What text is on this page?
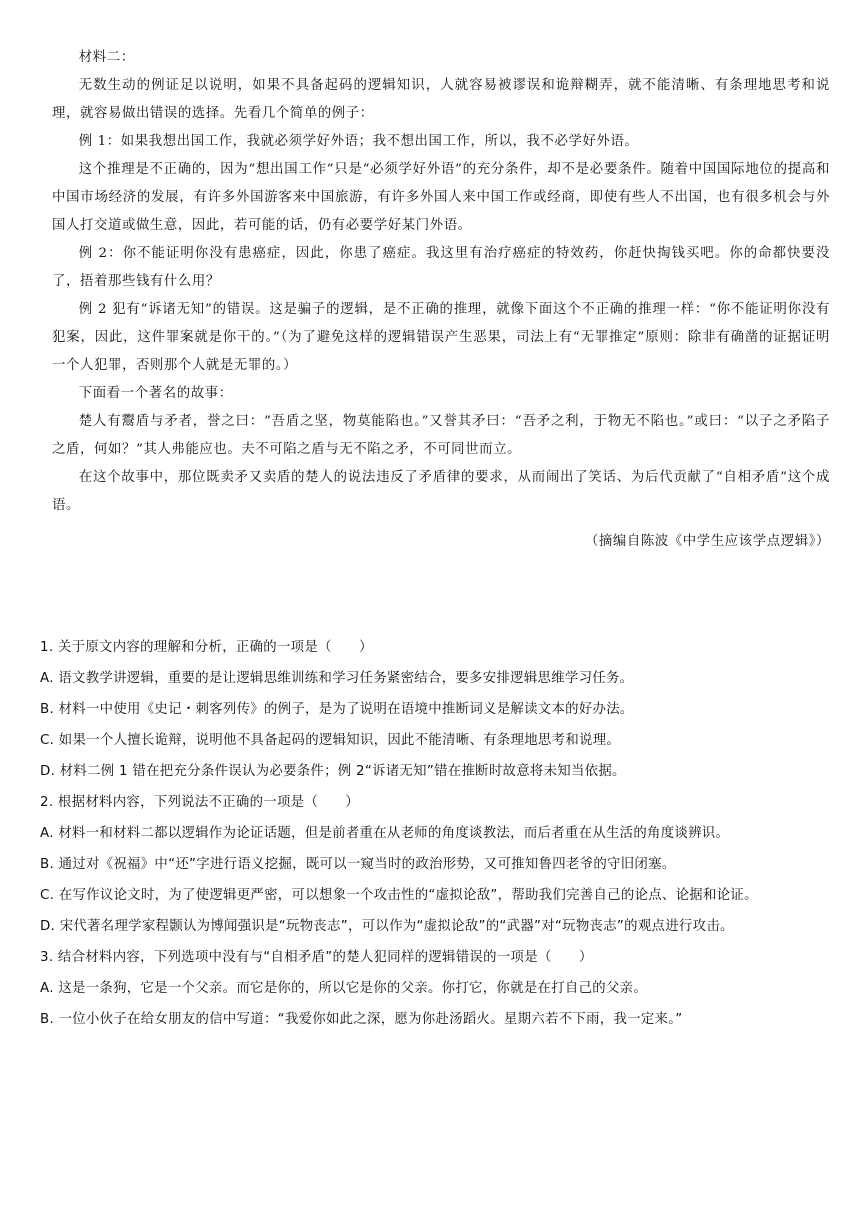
材料二：

无数生动的例证足以说明，如果不具备起码的逻辑知识，人就容易被谬误和诡辩糊弄，就不能清晰、有条理地思考和说理，就容易做出错误的选择。先看几个简单的例子：

例 1：如果我想出国工作，我就必须学好外语；我不想出国工作，所以，我不必学好外语。

这个推理是不正确的，因为“想出国工作”只是“必须学好外语”的充分条件，却不是必要条件。随着中国国际地位的提高和中国市场经济的发展，有许多外国游客来中国旅游，有许多外国人来中国工作或经商，即使有些人不出国，也有很多机会与外国人打交道或做生意，因此，若可能的话，仍有必要学好某门外语。

例 2：你不能证明你没有患癌症，因此，你患了癌症。我这里有治疗癌症的特效药，你赶快掏钱买吧。你的命都快要没了，捂着那些钱有什么用？

例 2 犯有“诉诸无知”的错误。这是骗子的逻辑，是不正确的推理，就像下面这个不正确的推理一样：“你不能证明你没有犯案，因此，这件罪案就是你干的。”（为了避免这样的逻辑错误产生恶果，司法上有“无罪推定”原则：除非有确凿的证据证明一个人犯罪，否则那个人就是无罪的。）

下面看一个著名的故事：

楚人有鬻盾与矛者，誉之曰：“吾盾之坚，物莫能陷也。”又誉其矛曰：“吾矛之利，于物无不陷也。”或曰：“以子之矛陷子之盾，何如？”其人弗能应也。夫不可陷之盾与无不陷之矛，不可同世而立。

在这个故事中，那位既卖矛又卖盾的楚人的说法违反了矛盾律的要求，从而闹出了笑话、为后代贡献了“自相矛盾”这个成语。

（摘编自陈波《中学生应该学点逻辑》）

1. 关于原文内容的理解和分析，正确的一项是（　　）

A. 语文教学讲逻辑，重要的是让逻辑思维训练和学习任务紧密结合，要多安排逻辑思维学习任务。

B. 材料一中使用《史记・刺客列传》的例子，是为了说明在语境中推断词义是解读文本的好办法。

C. 如果一个人擅长诡辩，说明他不具备起码的逻辑知识，因此不能清晰、有条理地思考和说理。

D. 材料二例 1 错在把充分条件误认为必要条件；例 2“诉诸无知”错在推断时故意将未知当依据。

2. 根据材料内容，下列说法不正确的一项是（　　）

A. 材料一和材料二都以逻辑作为论证话题，但是前者重在从老师的角度谈教法，而后者重在从生活的角度谈辨识。

B. 通过对《祝福》中“还”字进行语义挖掘，既可以一窥当时的政治形势，又可推知鲁四老爷的守旧闭塞。

C. 在写作议论文时，为了使逻辑更严密，可以想象一个攻击性的“虚拟论敌”，帮助我们完善自己的论点、论据和论证。

D. 宋代著名理学家程颢认为博闻强识是“玩物丧志”，可以作为“虚拟论敌”的“武器”对“玩物丧志”的观点进行攻击。

3. 结合材料内容，下列选项中没有与“自相矛盾”的楚人犯同样的逻辑错误的一项是（　　）

A. 这是一条狗，它是一个父亲。而它是你的，所以它是你的父亲。你打它，你就是在打自己的父亲。

B. 一位小伙子在给女朋友的信中写道：“我爱你如此之深，愿为你赴汤蹈火。星期六若不下雨，我一定来。”
